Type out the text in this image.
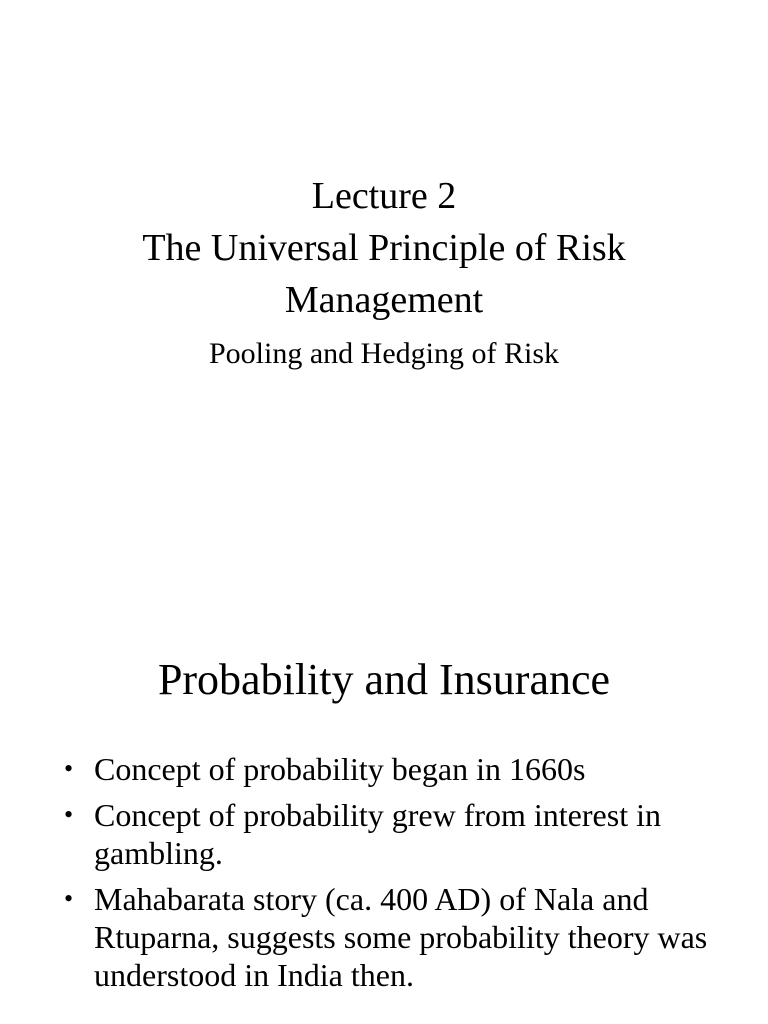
Lecture 2
The Universal Principle of Risk
Management
Pooling and Hedging of Risk
Probability and Insurance
• Concept of probability began in 1660s
• Concept of probability grew from interest in gambling.
• Mahabarata story (ca. 400 AD) of Nala and Rtuparna, suggests some probability theory was understood in India then.
